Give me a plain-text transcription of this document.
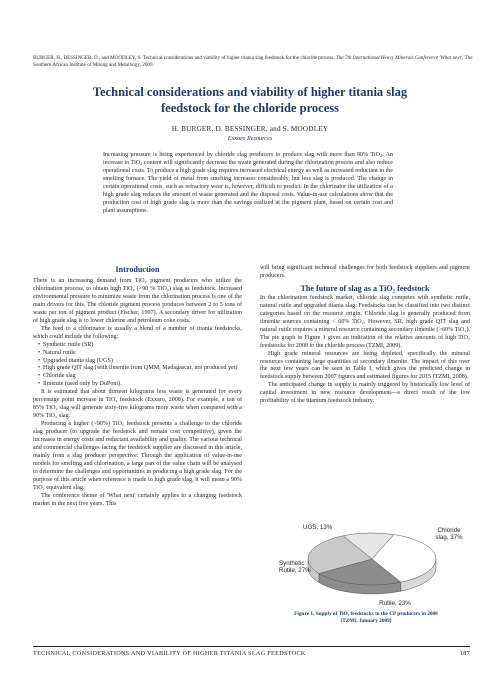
BURGER, H., BESSINGER, D., and MOODLEY, S. Technical considerations and viability of higher titania slag feedstock for the chloride process. The 7th International Heavy Minerals Conference 'What next', The Southern African Institute of Mining and Metallurgy, 2009.
Technical considerations and viability of higher titania slag
feedstock for the chloride process
H. BURGER, D. BESSINGER, and S. MOODLEY
Exxaro Resources
Increasing pressure is being experienced by chloride slag producers to produce slag with more than 90% TiO$_2$. An increase in TiO$_2$ content will significantly decrease the waste generated during the chlorination process and also reduce operational costs. To produce a high grade slag requires increased electrical energy as well as increased reductant in the smelting furnace. The yield of metal from smelting increases considerably, but less slag is produced. The change in certain operational costs, such as refractory wear is, however, difficult to predict. In the chlorinator the utilization of a high grade slag reduces the amount of waste generated and the disposal costs. Value-in-use calculations show that the production cost of high grade slag is more than the savings realized at the pigment plant, based on certain cost and plant assumptions.
Introduction

There is an increasing demand from TiO₂ pigment producers who utilize the chlorination process, to obtain high TiO₂ (>90 % TiO₂) slag as feedstock. Increased environmental pressure to minimize waste from the chlorination process is one of the main drivers for this. The chloride pigment process produces between 2 to 5 tons of waste per ton of pigment product (Fischer, 1997). A secondary driver for utilization of high grade slag is to lower chlorine and petroleum coke costs.

The feed to a chlorinator is usually a blend of a number of titania feedstocks, which could include the following:

• Synthetic rutile (SR)
• Natural rutile
• Upgraded titania slag (UGS)
• High grade QIT slag (with ilmenite from QMM, Madagascar, not produced yet)
• Chloride slag
• Ilmenite (used only by DuPont).

It is estimated that about thirteen kilograms less waste is generated for every percentage point increase in TiO₂ feedstock (Exxaro, 2008). For example, a ton of 85% TiO₂ slag will generate sixty-five kilograms more waste when compared with a 90% TiO₂ slag.

Producing a higher (>90%) TiO₂ feedstock presents a challenge to the chloride slag producer (to upgrade the feedstock and remain cost competitive), given the increases in energy costs and reductant availability and quality. The various technical and commercial challenges facing the feedstock supplier are discussed in this article, mainly from a slag producer perspective. Through the application of value-in-use models for smelting and chlorination, a large part of the value chain will be analysed to determine the challenges and opportunities in producing a high grade slag. For the purpose of this article when reference is made to high grade slag, it will mean a 90% TiO₂ equivalent slag.

The conference theme of 'What next' certainly applies to a changing feedstock market in the next five years. This

will bring significant technical challenges for both feedstock suppliers and pigment producers.

The future of slag as a TiO₂ feedstock

In the chlorination feedstock market, chloride slag competes with synthetic rutile, natural rutile and upgraded titania slag. Feedstocks can be classified into two distinct categories based on the resource origin. Chloride slag is generally produced from ilmenite sources containing < 60% TiO₂. However, SR, high grade QIT slag and natural rutile requires a mineral resource containing secondary ilmenite (>60% TiO₂). The pie graph in Figure 1 gives an indication of the relative amounts of high TiO₂ feedstocks for 2008 to the chloride process (TZMI, 2009).

High grade mineral resources are being depleted, specifically the mineral resources containing large quantities of secondary ilmenite. The impact of this over the next few years can be seen in Table I, which gives the predicted change in feedstock supply between 2007 figures and estimated figures for 2015 (TZMI, 2008).

The anticipated change in supply is mainly triggered by historically low level of capital investment in new resource development—a direct result of the low profitability of the titanium feedstock industry.

Chloride slag, 37%
Rutile, 23%
Synthetic Rutile, 27%
UGS, 13%
Figure 1. Supply of TiO₂ feedstocks to the CP producers in 2008
(TZMI, January 2009)
TECHNICAL CONSIDERATIONS AND VIABILITY OF HIGHER TITANIA SLAG FEEDSTOCK	187
